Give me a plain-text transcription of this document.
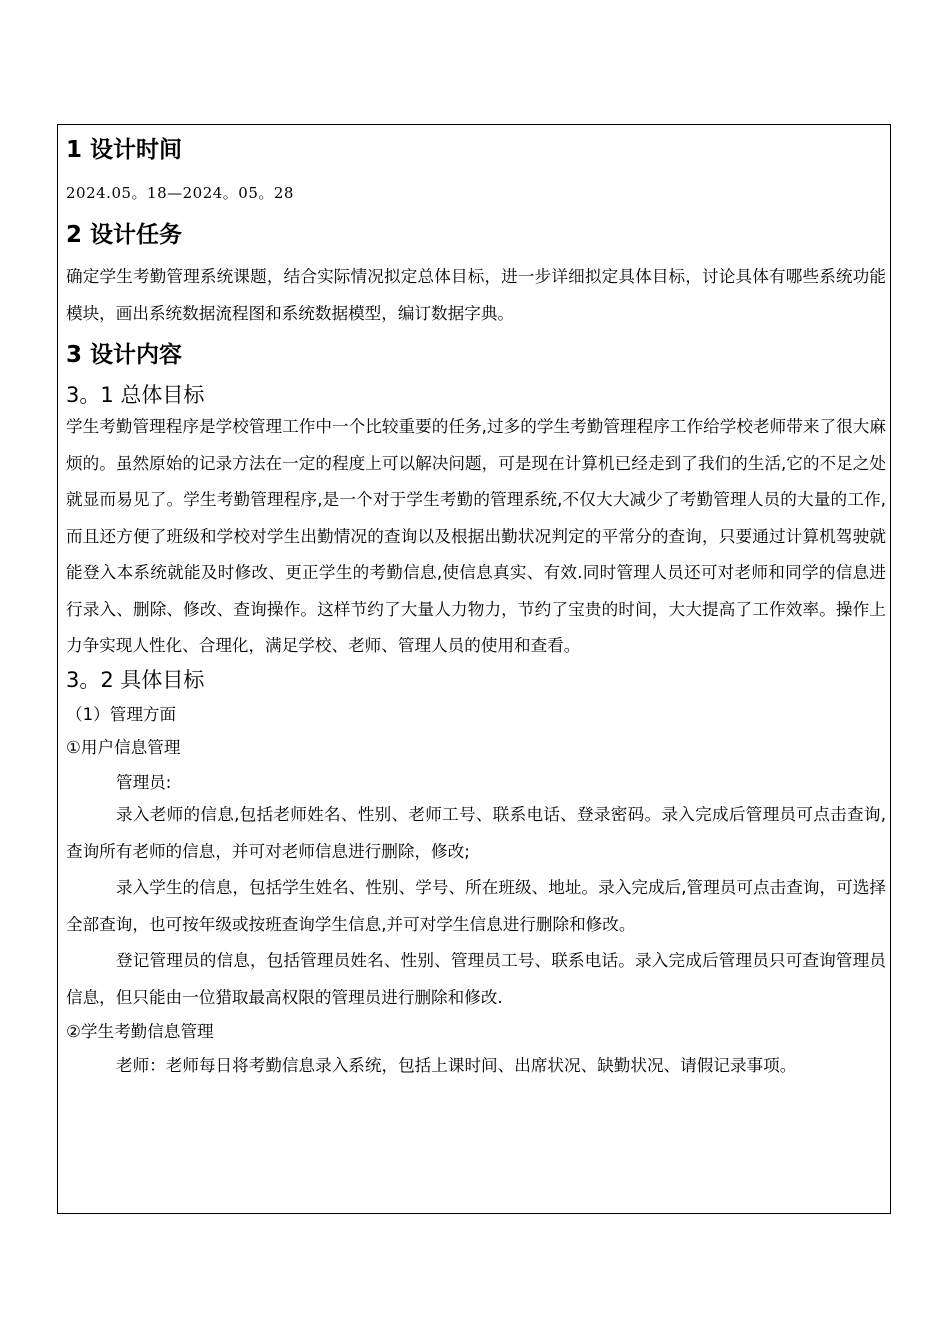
1 设计时间
2024.05。18—2024。05。28
2 设计任务

确定学生考勤管理系统课题，结合实际情况拟定总体目标，进一步详细拟定具体目标，讨论具体有哪些系统功能模块，画出系统数据流程图和系统数据模型，编订数据字典。

3 设计内容
3。1 总体目标

学生考勤管理程序是学校管理工作中一个比较重要的任务,过多的学生考勤管理程序工作给学校老师带来了很大麻烦的。虽然原始的记录方法在一定的程度上可以解决问题，可是现在计算机已经走到了我们的生活,它的不足之处就显而易见了。学生考勤管理程序,是一个对于学生考勤的管理系统,不仅大大减少了考勤管理人员的大量的工作,而且还方便了班级和学校对学生出勤情况的查询以及根据出勤状况判定的平常分的查询，只要通过计算机驾驶就能登入本系统就能及时修改、更正学生的考勤信息,使信息真实、有效.同时管理人员还可对老师和同学的信息进行录入、删除、修改、查询操作。这样节约了大量人力物力，节约了宝贵的时间，大大提高了工作效率。操作上力争实现人性化、合理化，满足学校、老师、管理人员的使用和查看。

3。2 具体目标
（1）管理方面
①用户信息管理
管理员:

录入老师的信息,包括老师姓名、性别、老师工号、联系电话、登录密码。录入完成后管理员可点击查询,查询所有老师的信息，并可对老师信息进行删除，修改;

录入学生的信息，包括学生姓名、性别、学号、所在班级、地址。录入完成后,管理员可点击查询，可选择全部查询，也可按年级或按班查询学生信息,并可对学生信息进行删除和修改。

登记管理员的信息，包括管理员姓名、性别、管理员工号、联系电话。录入完成后管理员只可查询管理员信息，但只能由一位猎取最高权限的管理员进行删除和修改.

②学生考勤信息管理

老师：老师每日将考勤信息录入系统，包括上课时间、出席状况、缺勤状况、请假记录事项。
